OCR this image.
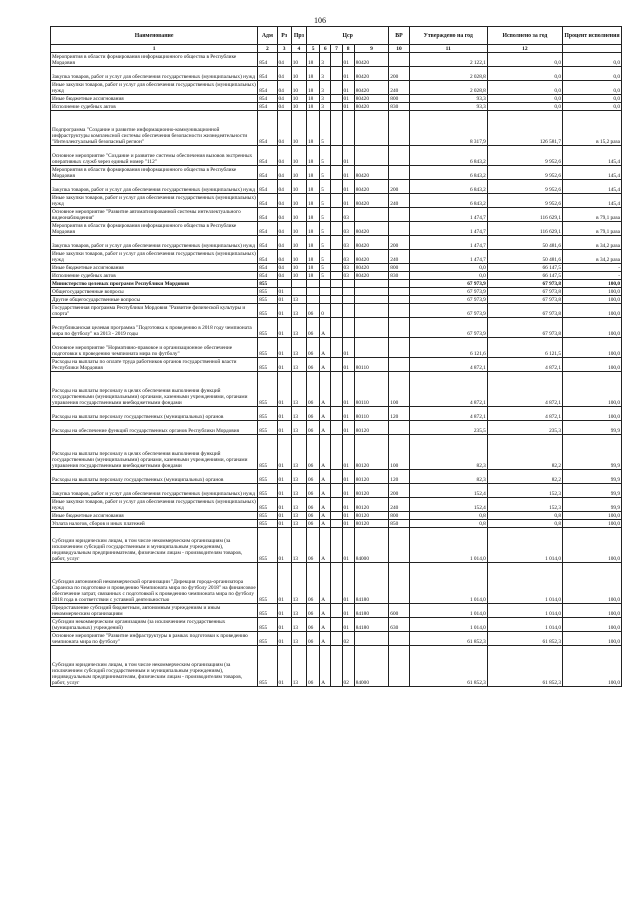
106
Наименование	Адм	Рз	Прз	Цср					ВР	Утверждено на год	Исполнено за год	Процент исполнения
1	2	3	4	5	6	7	8	9	10	11	12	
Мероприятия в области формирования информационного общества в Республике Мордовия	854	04	10	18	3		01	80420		2 122,1	0,0	0,0
Закупка товаров, работ и услуг для обеспечения государственных (муниципальных) нужд	854	04	10	18	3		01	80420	200	2 028,8	0,0	0,0
Иные закупки товаров, работ и услуг для обеспечения государственных (муниципальных) нужд	854	04	10	18	3		01	80420	240	2 028,8	0,0	0,0
Иные бюджетные ассигнования	854	04	10	18	3		01	80420	800	93,3	0,0	0,0
Исполнение судебных актов	854	04	10	18	3		01	80420	830	93,3	0,0	0,0
Подпрограмма "Создание и развитие информационно-коммуникационной инфраструктуры комплексной системы обеспечения безопасности жизнедеятельности "Интеллектуальный безопасный регион"	854	04	10	18	5					8 317,9	126 581,7	в 15,2 раза
Основное мероприятие "Создание и развитие системы обеспечения вызовов экстренных оперативных служб через единый номер "112"	854	04	10	18	5		01			6 843,2	9 952,6	145,4
Мероприятия в области формирования информационного общества в Республике Мордовия	854	04	10	18	5		01	80420		6 843,2	9 952,6	145,4
Закупка товаров, работ и услуг для обеспечения государственных (муниципальных) нужд	854	04	10	18	5		01	80420	200	6 843,2	9 952,6	145,4
Иные закупки товаров, работ и услуг для обеспечения государственных (муниципальных) нужд	854	04	10	18	5		01	80420	240	6 843,2	9 952,6	145,4
Основное мероприятие "Развитие автоматизированной системы интеллектуального видеонаблюдения"	854	04	10	18	5		03			1 474,7	116 629,1	в 79,1 раза
Мероприятия в области формирования информационного общества в Республике Мордовия	854	04	10	18	5		03	80420		1 474,7	116 629,1	в 79,1 раза
Закупка товаров, работ и услуг для обеспечения государственных (муниципальных) нужд	854	04	10	18	5		03	80420	200	1 474,7	50 481,6	в 34,2 раза
Иные закупки товаров, работ и услуг для обеспечения государственных (муниципальных) нужд	854	04	10	18	5		03	80420	240	1 474,7	50 481,6	в 34,2 раза
Иные бюджетные ассигнования	854	04	10	18	5		03	80420	800	0,0	66 147,5	-
Исполнение судебных актов	854	04	10	18	5		03	80420	830	0,0	66 147,5	-
Министерство целевых программ Республики Мордовия	855									67 973,9	67 973,8	100,0
Общегосударственные вопросы	855	01								67 973,9	67 973,8	100,0
Другие общегосударственные вопросы	855	01	13							67 973,9	67 973,8	100,0
Государственная программа Республики Мордовия "Развитие физической культуры и спорта"	855	01	13	06	0					67 973,9	67 973,8	100,0
Республиканская целевая программа "Подготовка к проведению в 2018 году чемпионата мира по футболу" на 2013 - 2019 годы	855	01	13	06	А					67 973,9	67 973,8	100,0
Основное мероприятие "Нормативно-правовое и организационное обеспечение подготовки к проведению чемпионата мира по футболу"	855	01	13	06	А		01			6 121,6	6 121,5	100,0
Расходы на выплаты по оплате труда работников органов государственной власти Республики Мордовия	855	01	13	06	А		01	80110		4 872,1	4 872,1	100,0
Расходы на выплаты персоналу в целях обеспечения выполнения функций государственными (муниципальными) органами, казенными учреждениями, органами управления государственными внебюджетными фондами	855	01	13	06	А		01	80110	100	4 872,1	4 872,1	100,0
Расходы на выплаты персоналу государственных (муниципальных) органов	855	01	13	06	А		01	80110	120	4 872,1	4 872,1	100,0
Расходы на обеспечение функций государственных органов Республики Мордовия	855	01	13	06	А		01	80120		235,5	235,3	99,9
Расходы на выплаты персоналу в целях обеспечения выполнения функций государственными (муниципальными) органами, казенными учреждениями, органами управления государственными внебюджетными фондами	855	01	13	06	А		01	80120	100	82,3	82,2	99,9
Расходы на выплаты персоналу государственных (муниципальных) органов	855	01	13	06	А		01	80120	120	82,3	82,2	99,9
Закупка товаров, работ и услуг для обеспечения государственных (муниципальных) нужд	855	01	13	06	А		01	80120	200	152,4	152,3	99,9
Иные закупки товаров, работ и услуг для обеспечения государственных (муниципальных) нужд	855	01	13	06	А		01	80120	240	152,4	152,3	99,9
Иные бюджетные ассигнования	855	01	13	06	А		01	80120	800	0,8	0,8	100,0
Уплата налогов, сборов и иных платежей	855	01	13	06	А		01	80120	850	0,8	0,8	100,0
Субсидии юридическим лицам, в том числе некоммерческим организациям (за исключением субсидий государственным и муниципальным учреждениям), индивидуальным предпринимателям, физическим лицам - производителям товаров, работ, услуг	855	01	13	06	А		01	84000		1 014,0	1 014,0	100,0
Субсидия автономной некоммерческой организации "Дирекция города-организатора Саранска по подготовке и проведению Чемпионата мира по футболу 2018" на финансовое обеспечение затрат, связанных с подготовкой к проведению чемпионата мира по футболу 2018 года в соответствии с уставной деятельностью	855	01	13	06	А		01	84180		1 014,0	1 014,0	100,0
Предоставление субсидий бюджетным, автономным учреждениям и иным некоммерческим организациям	855	01	13	06	А		01	84180	600	1 014,0	1 014,0	100,0
Субсидии некоммерческим организациям (за исключением государственных (муниципальных) учреждений)	855	01	13	06	А		01	84180	630	1 014,0	1 014,0	100,0
Основное мероприятие "Развитие инфраструктуры в рамках подготовки к проведению чемпионата мира по футболу"	855	01	13	06	А		02			61 852,3	61 852,3	100,0
Субсидии юридическим лицам, в том числе некоммерческим организациям (за исключением субсидий государственным и муниципальным учреждениям), индивидуальным предпринимателям, физическим лицам - производителям товаров, работ, услуг	855	01	13	06	А		02	84000		61 852,3	61 852,3	100,0
